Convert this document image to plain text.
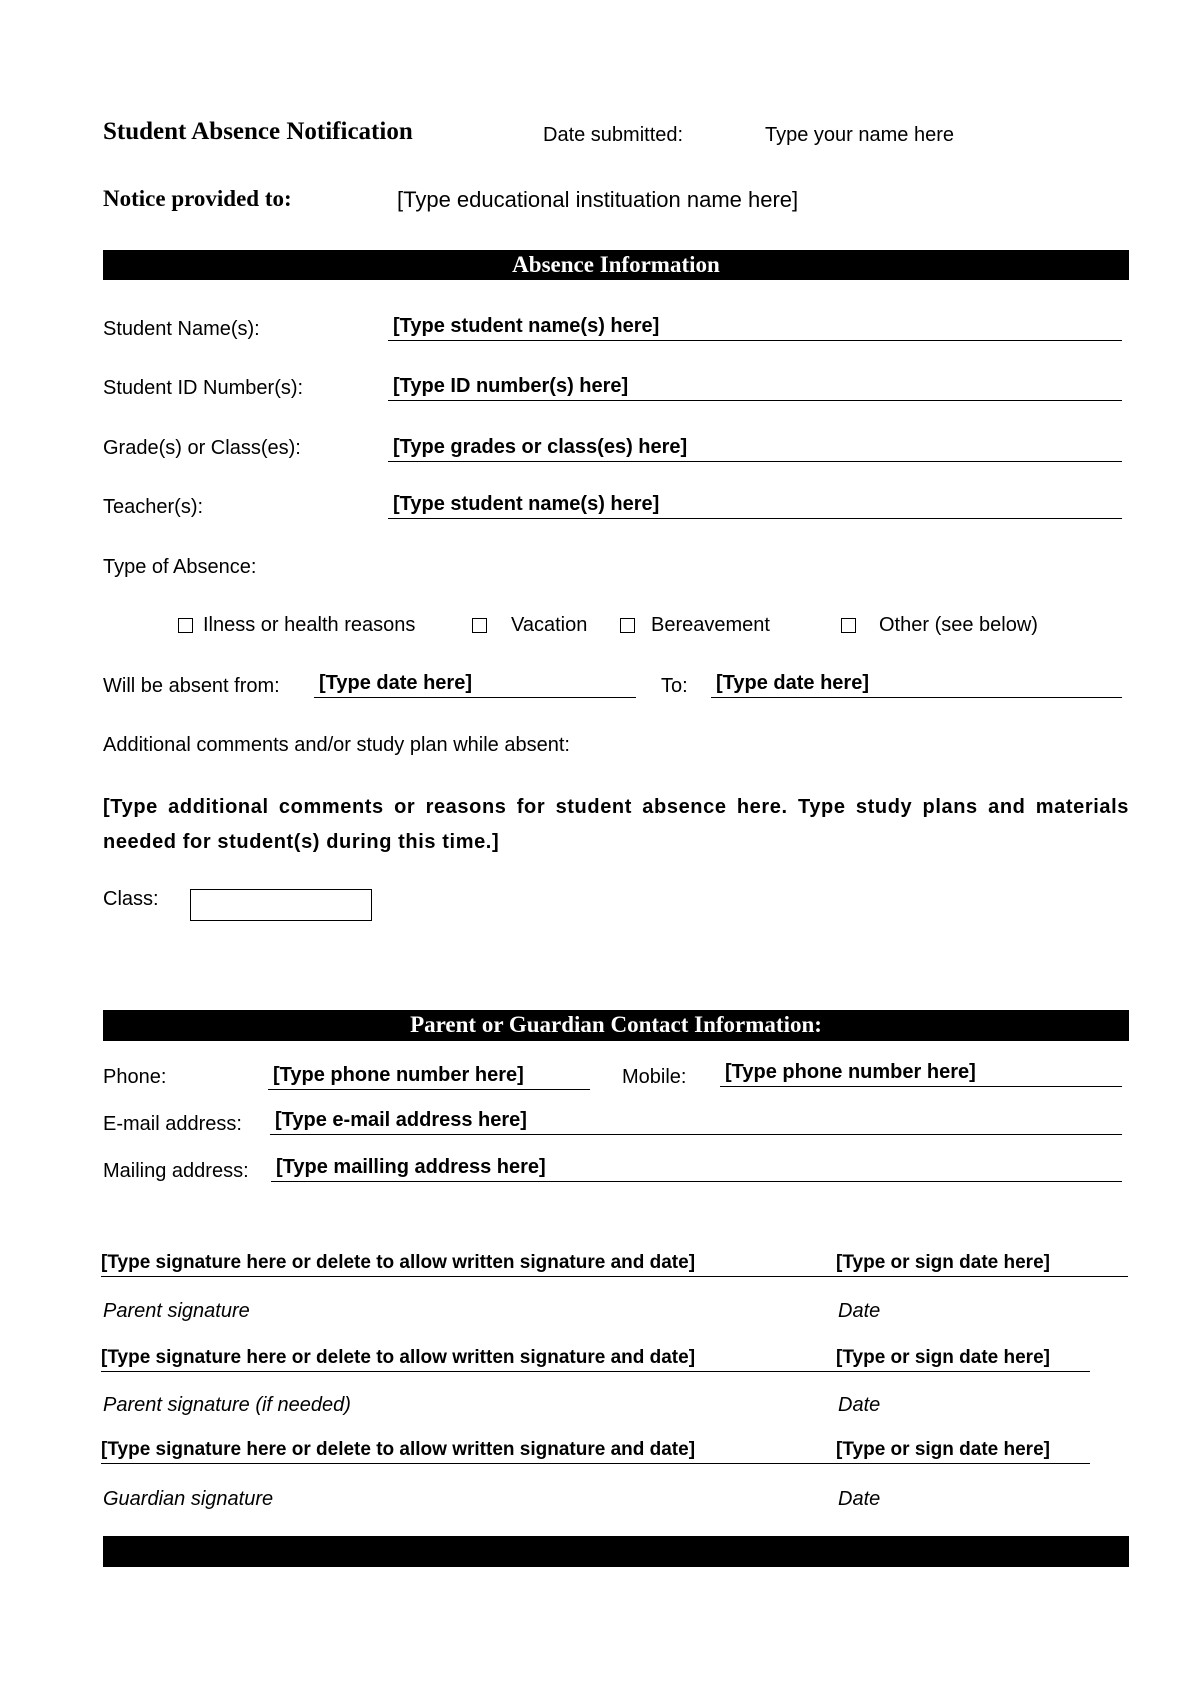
Student Absence Notification	Date submitted:	Type your name here
Notice provided to:	[Type educational instituation name here]
Absence Information
Student Name(s):	[Type student name(s) here]
Student ID Number(s):	[Type ID number(s) here]
Grade(s) or Class(es):	[Type grades or class(es) here]
Teacher(s):	[Type student name(s) here]
Type of Absence:
Ilness or health reasons	Vacation	Bereavement	Other (see below)
Will be absent from: [Type date here]	To: [Type date here]
Additional comments and/or study plan while absent:
[Type additional comments or reasons for student absence here. Type study plans and materials needed for student(s) during this time.]
Class:
Parent or Guardian Contact Information:
Phone:	[Type phone number here]	Mobile: [Type phone number here]
E-mail address: [Type e-mail address here]
Mailing address: [Type mailling address here]
[Type signature here or delete to allow written signature and date]	[Type or sign date here]
Parent signature	Date
[Type signature here or delete to allow written signature and date]	[Type or sign date here]
Parent signature (if needed)	Date
[Type signature here or delete to allow written signature and date]	[Type or sign date here]
Guardian signature	Date
